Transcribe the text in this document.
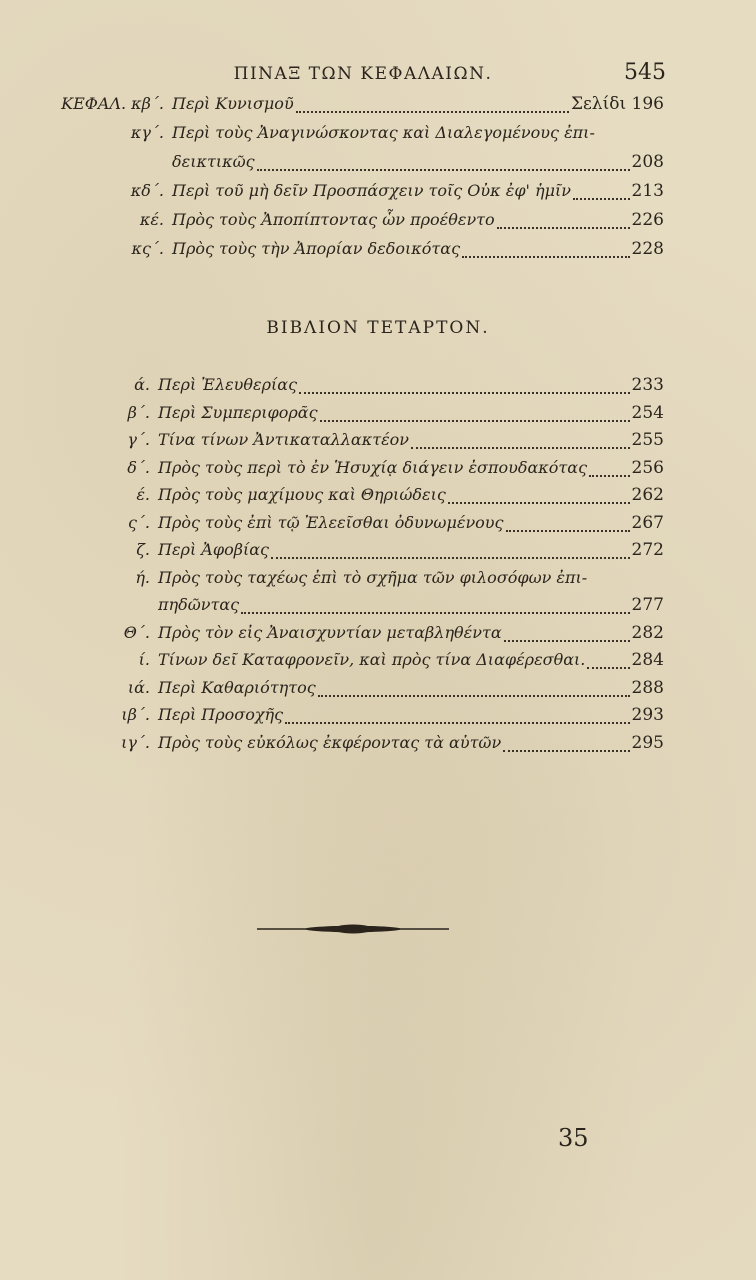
ΠΙΝΑΞ ΤΩΝ ΚΕΦΑΛΑΙΩΝ.	545
ΚΕΦΑΛ. κβ΄. Περὶ Κυνισμοῦ	Σελίδι 196
κγ΄. Περὶ τοὺς Ἀναγινώσκοντας καὶ Διαλεγομένους ἐπι-
δεικτικῶς	208
κδ΄. Περὶ τοῦ μὴ δεῖν Προσπάσχειν τοῖς Οὐκ ἐφ' ἡμῖν	213
κέ. Πρὸς τοὺς Ἀποπίπτοντας ὧν προέθεντο	226
κς΄. Πρὸς τοὺς τὴν Ἀπορίαν δεδοικότας	228
ΒΙΒΛΙΟΝ ΤΕΤΑΡΤΟΝ.
ά. Περὶ Ἐλευθερίας	233
β΄. Περὶ Συμπεριφορᾶς	254
γ΄. Τίνα τίνων Ἀντικαταλλακτέον	255
δ΄. Πρὸς τοὺς περὶ τὸ ἐν Ἡσυχίᾳ διάγειν ἐσπουδακότας	256
έ. Πρὸς τοὺς μαχίμους καὶ Θηριώδεις	262
ς΄. Πρὸς τοὺς ἐπὶ τῷ Ἐλεεῖσθαι ὀδυνωμένους	267
ζ. Περὶ Ἀφοβίας	272
ή. Πρὸς τοὺς ταχέως ἐπὶ τὸ σχῆμα τῶν φιλοσόφων ἐπι-
πηδῶντας	277
Θ΄. Πρὸς τὸν εἰς Ἀναισχυντίαν μεταβληθέντα	282
ί. Τίνων δεῖ Καταφρονεῖν, καὶ πρὸς τίνα Διαφέρεσθαι.	284
ιά. Περὶ Καθαριότητος	288
ιβ΄. Περὶ Προσοχῆς	293
ιγ΄. Πρὸς τοὺς εὐκόλως ἐκφέροντας τὰ αὐτῶν	295
35
